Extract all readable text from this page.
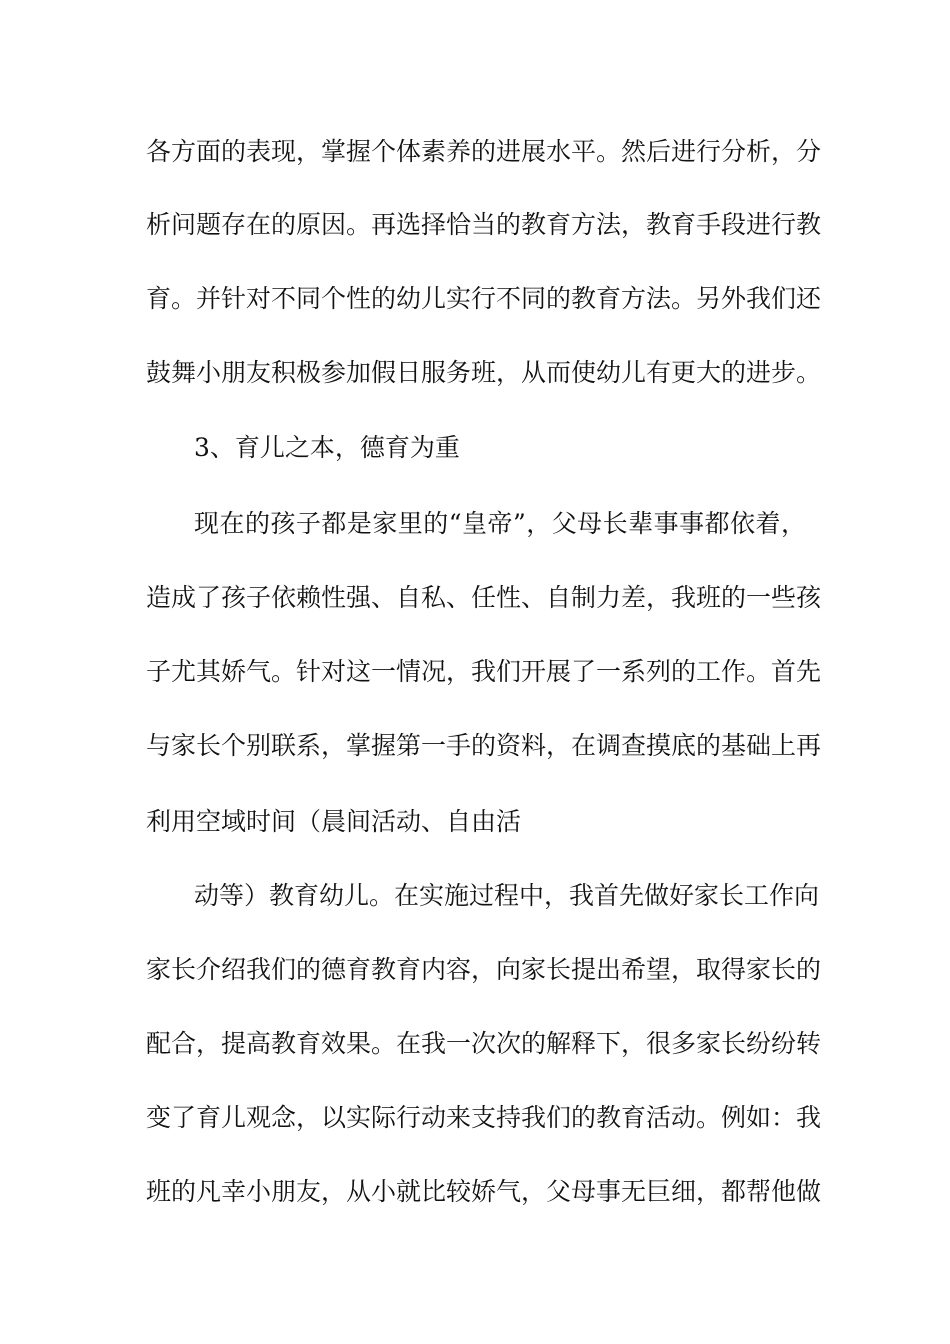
各方面的表现，掌握个体素养的进展水平。然后进行分析，分
析问题存在的原因。再选择恰当的教育方法，教育手段进行教
育。并针对不同个性的幼儿实行不同的教育方法。另外我们还
鼓舞小朋友积极参加假日服务班，从而使幼儿有更大的进步。
3、育儿之本，德育为重
现在的孩子都是家里的“皇帝”，父母长辈事事都依着，
造成了孩子依赖性强、自私、任性、自制力差，我班的一些孩
子尤其娇气。针对这一情况，我们开展了一系列的工作。首先
与家长个别联系，掌握第一手的资料，在调查摸底的基础上再
利用空域时间（晨间活动、自由活
动等）教育幼儿。在实施过程中，我首先做好家长工作向
家长介绍我们的德育教育内容，向家长提出希望，取得家长的
配合，提高教育效果。在我一次次的解释下，很多家长纷纷转
变了育儿观念，以实际行动来支持我们的教育活动。例如：我
班的凡幸小朋友，从小就比较娇气，父母事无巨细，都帮他做
